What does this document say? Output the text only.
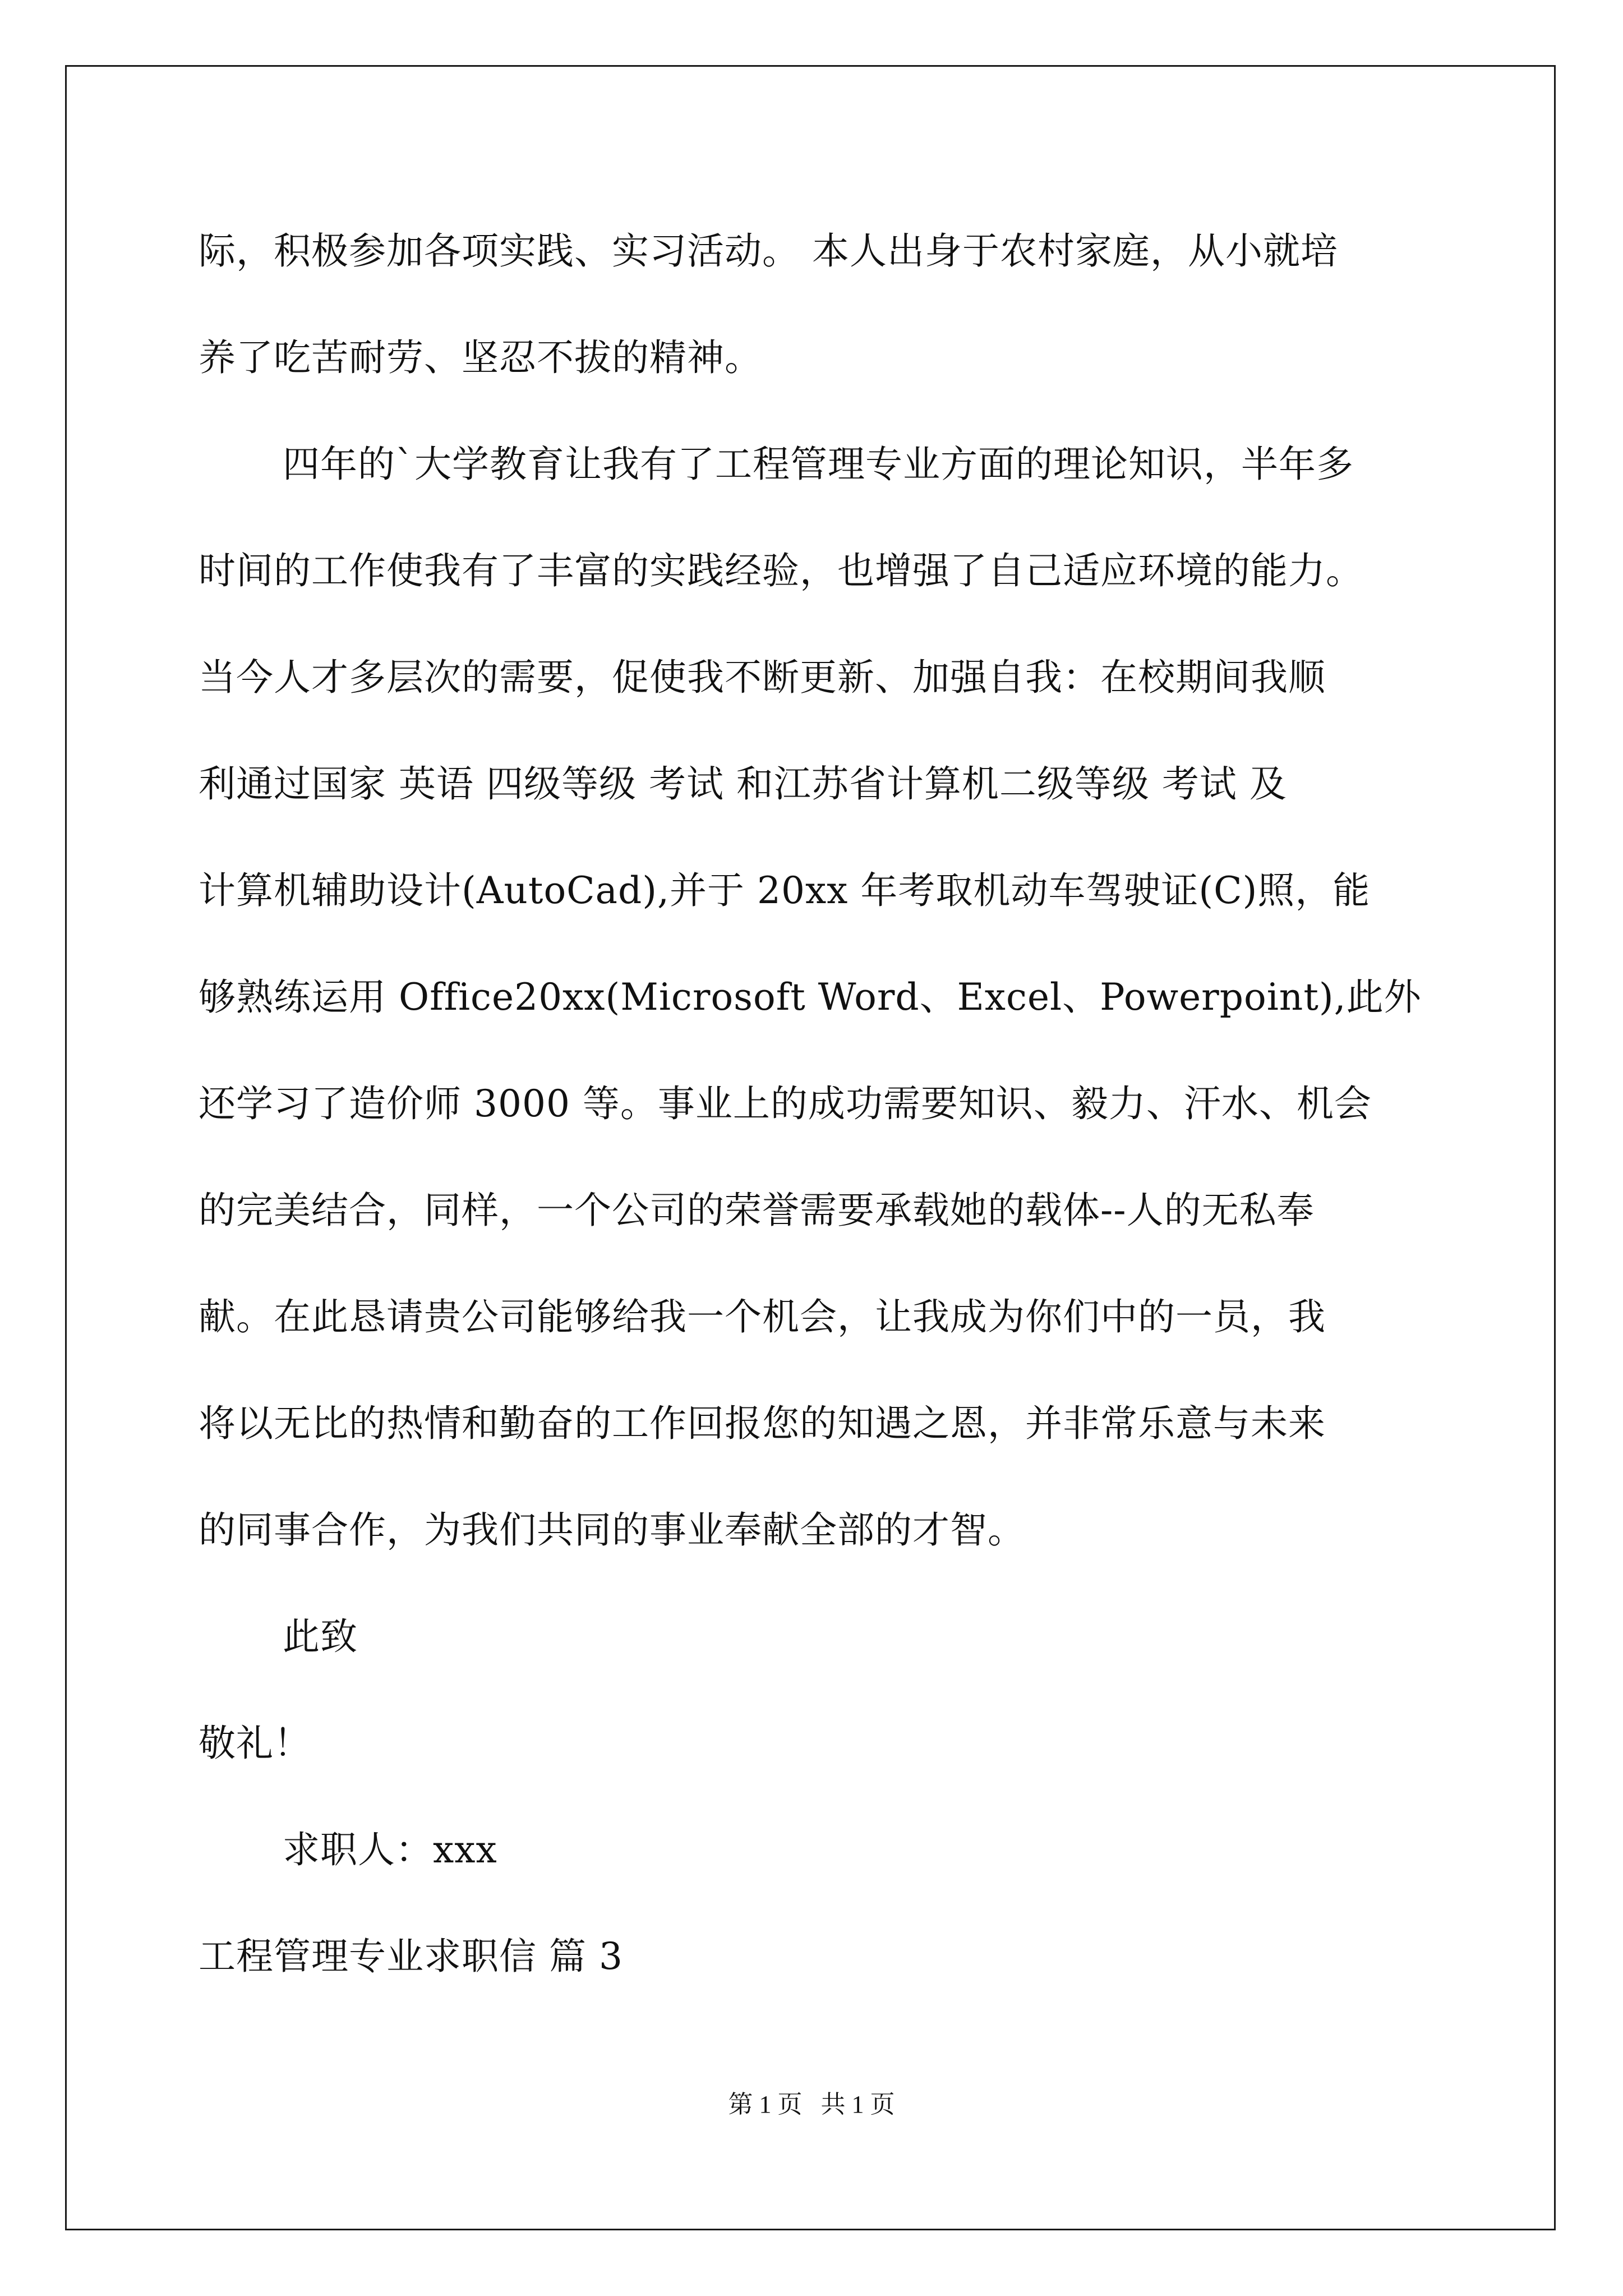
际，积极参加各项实践、实习活动。 本人出身于农村家庭，从小就培
养了吃苦耐劳、坚忍不拔的精神。
四年的`大学教育让我有了工程管理专业方面的理论知识，半年多
时间的工作使我有了丰富的实践经验，也增强了自己适应环境的能力。
当今人才多层次的需要，促使我不断更新、加强自我：在校期间我顺
利通过国家 英语 四级等级 考试 和江苏省计算机二级等级 考试 及
计算机辅助设计(AutoCad),并于 20xx 年考取机动车驾驶证(C)照，能
够熟练运用 Office20xx(Microsoft Word、Excel、Powerpoint),此外
还学习了造价师 3000 等。事业上的成功需要知识、毅力、汗水、机会
的完美结合，同样，一个公司的荣誉需要承载她的载体--人的无私奉
献。在此恳请贵公司能够给我一个机会，让我成为你们中的一员，我
将以无比的热情和勤奋的工作回报您的知遇之恩，并非常乐意与未来
的同事合作，为我们共同的事业奉献全部的才智。
此致
敬礼！
求职人：xxx
工程管理专业求职信 篇 3
第 1 页   共 1 页
